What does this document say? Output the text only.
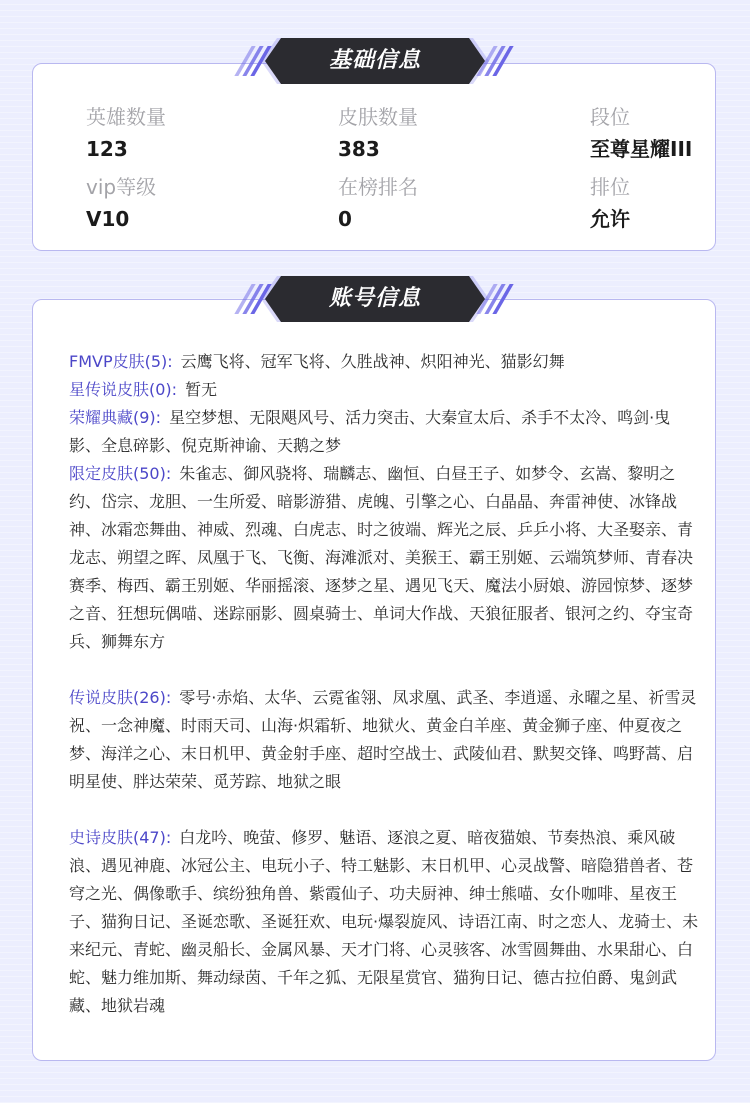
英雄数量
123
皮肤数量
383
段位
至尊星耀III
vip等级
V10
在榜排名
0
排位
允许
基础信息

FMVP皮肤(5): 云鹰飞将、冠军飞将、久胜战神、炽阳神光、猫影幻舞

星传说皮肤(0): 暂无

荣耀典藏(9): 星空梦想、无限飓风号、活力突击、大秦宣太后、杀手不太冷、鸣剑·曳影、全息碎影、倪克斯神谕、天鹅之梦

限定皮肤(50): 朱雀志、御风骁将、瑞麟志、幽恒、白昼王子、如梦令、玄嵩、黎明之约、岱宗、龙胆、一生所爱、暗影游猎、虎魄、引擎之心、白晶晶、奔雷神使、冰锋战神、冰霜恋舞曲、神威、烈魂、白虎志、时之彼端、辉光之辰、乒乒小将、大圣娶亲、青龙志、朔望之晖、凤凰于飞、飞衡、海滩派对、美猴王、霸王别姬、云端筑梦师、青春决赛季、梅西、霸王别姬、华丽摇滚、逐梦之星、遇见飞天、魔法小厨娘、游园惊梦、逐梦之音、狂想玩偶喵、迷踪丽影、圆桌骑士、单词大作战、天狼征服者、银河之约、夺宝奇兵、狮舞东方

传说皮肤(26): 零号·赤焰、太华、云霓雀翎、凤求凰、武圣、李逍遥、永曜之星、祈雪灵祝、一念神魔、时雨天司、山海·炽霜斩、地狱火、黄金白羊座、黄金狮子座、仲夏夜之梦、海洋之心、末日机甲、黄金射手座、超时空战士、武陵仙君、默契交锋、鸣野蒿、启明星使、胖达荣荣、觅芳踪、地狱之眼

史诗皮肤(47): 白龙吟、晚萤、修罗、魅语、逐浪之夏、暗夜猫娘、节奏热浪、乘风破浪、遇见神鹿、冰冠公主、电玩小子、特工魅影、末日机甲、心灵战警、暗隐猎兽者、苍穹之光、偶像歌手、缤纷独角兽、紫霞仙子、功夫厨神、绅士熊喵、女仆咖啡、星夜王子、猫狗日记、圣诞恋歌、圣诞狂欢、电玩·爆裂旋风、诗语江南、时之恋人、龙骑士、未来纪元、青蛇、幽灵船长、金属风暴、天才门将、心灵骇客、冰雪圆舞曲、水果甜心、白蛇、魅力维加斯、舞动绿茵、千年之狐、无限星赏官、猫狗日记、德古拉伯爵、鬼剑武藏、地狱岩魂

账号信息
